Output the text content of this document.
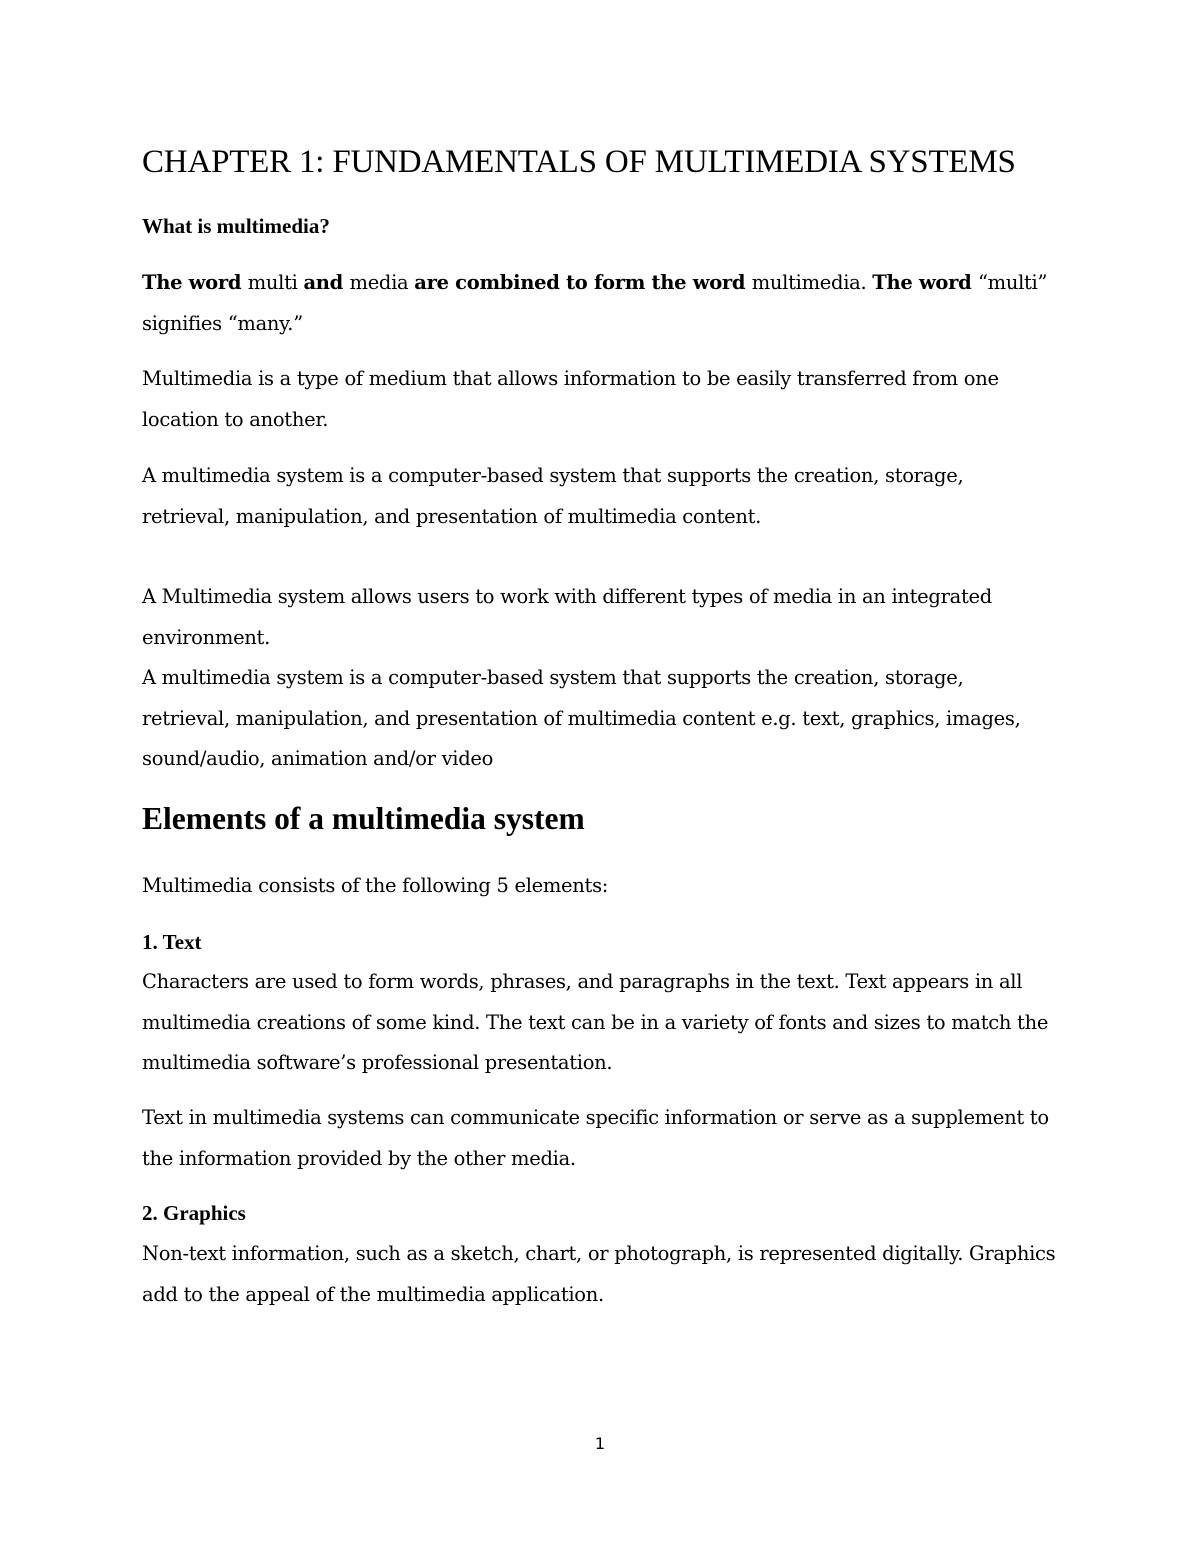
CHAPTER 1: FUNDAMENTALS OF MULTIMEDIA SYSTEMS
What is multimedia?
The word multi and media are combined to form the word multimedia. The word “multi”
signifies “many.”
Multimedia is a type of medium that allows information to be easily transferred from one
location to another.
A multimedia system is a computer-based system that supports the creation, storage,
retrieval, manipulation, and presentation of multimedia content.
A Multimedia system allows users to work with different types of media in an integrated
environment.
A multimedia system is a computer-based system that supports the creation, storage,
retrieval, manipulation, and presentation of multimedia content e.g. text, graphics, images,
sound/audio, animation and/or video
Elements of a multimedia system
Multimedia consists of the following 5 elements:
1. Text
Characters are used to form words, phrases, and paragraphs in the text. Text appears in all
multimedia creations of some kind. The text can be in a variety of fonts and sizes to match the
multimedia software’s professional presentation.
Text in multimedia systems can communicate specific information or serve as a supplement to
the information provided by the other media.
2. Graphics
Non-text information, such as a sketch, chart, or photograph, is represented digitally. Graphics
add to the appeal of the multimedia application.
1
